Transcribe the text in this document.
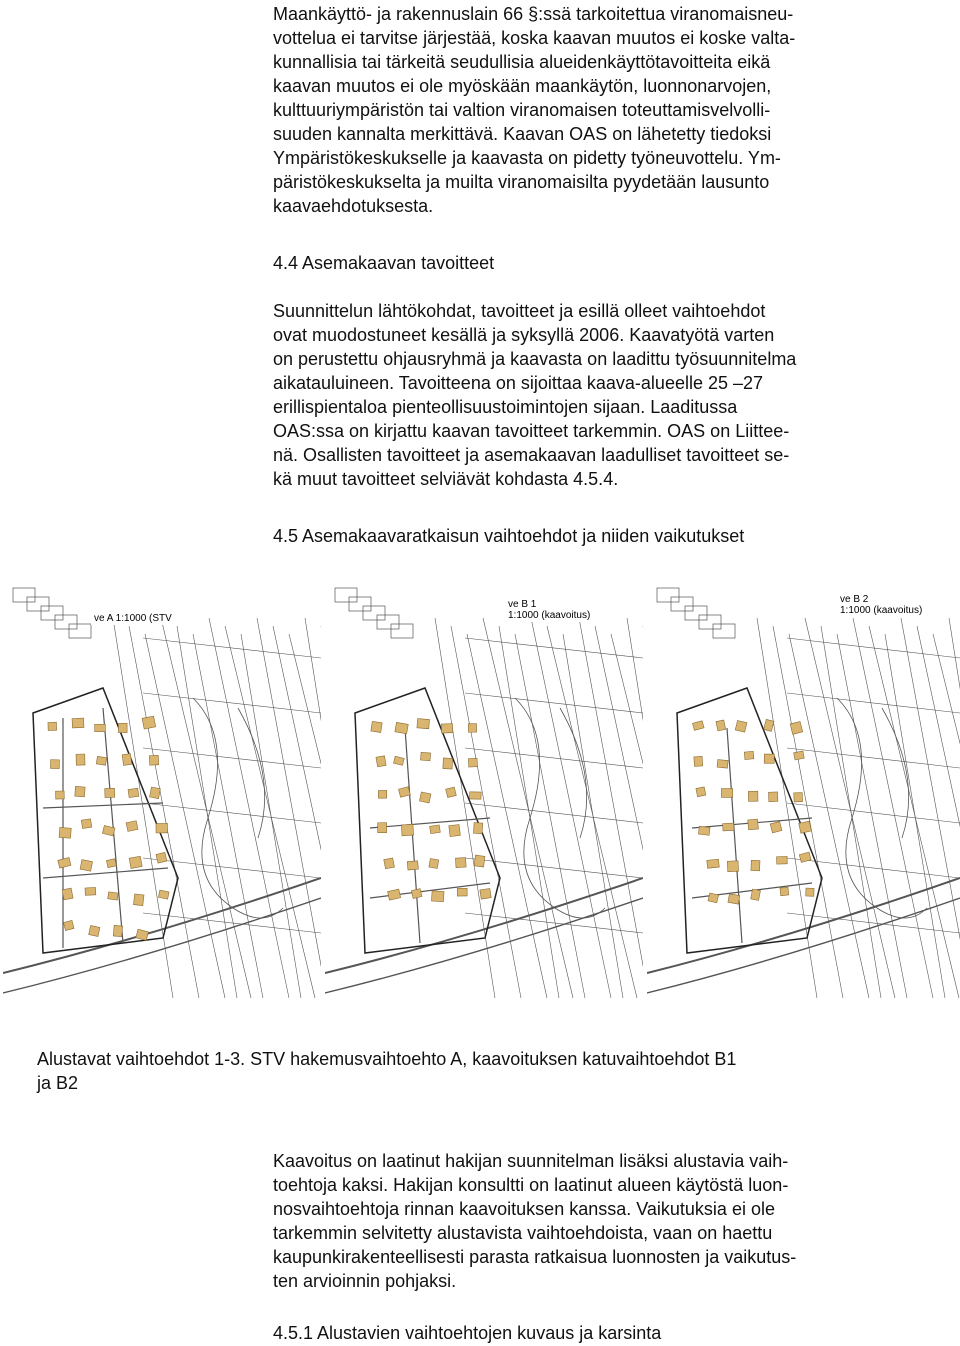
Maankäyttö- ja rakennuslain 66 §:ssä tarkoitettua viranomaisneu-
vottelua ei tarvitse järjestää, koska kaavan muutos ei koske valta-
kunnallisia tai tärkeitä seudullisia alueidenkäyttötavoitteita eikä
kaavan muutos ei ole myöskään maankäytön, luonnonarvojen,
kulttuuriympäristön tai valtion viranomaisen toteuttamisvelvolli-
suuden kannalta merkittävä. Kaavan OAS on lähetetty tiedoksi
Ympäristökeskukselle ja kaavasta on pidetty työneuvottelu. Ym-
päristökeskukselta ja muilta viranomaisilta pyydetään lausunto
kaavaehdotuksesta.
4.4 Asemakaavan tavoitteet
Suunnittelun lähtökohdat, tavoitteet ja esillä olleet vaihtoehdot
ovat muodostuneet kesällä ja syksyllä 2006. Kaavatyötä varten
on perustettu ohjausryhmä ja kaavasta on laadittu työsuunnitelma
aikatauluineen. Tavoitteena on sijoittaa kaava-alueelle 25 –27
erillispientaloa pienteollisuustoimintojen sijaan. Laaditussa
OAS:ssa on kirjattu kaavan tavoitteet tarkemmin. OAS on Liittee-
nä. Osallisten tavoitteet ja asemakaavan laadulliset tavoitteet se-
kä muut tavoitteet selviävät kohdasta 4.5.4.
4.5 Asemakaavaratkaisun vaihtoehdot ja niiden vaikutukset
ve A 1:1000 (STV
ve B 1
1:1000 (kaavoitus)
ve B 2
1:1000 (kaavoitus)
Alustavat vaihtoehdot 1-3. STV hakemusvaihtoehto A, kaavoituksen katuvaihtoehdot B1
ja B2
Kaavoitus on laatinut hakijan suunnitelman lisäksi alustavia vaih-
toehtoja kaksi. Hakijan konsultti on laatinut alueen käytöstä luon-
nosvaihtoehtoja rinnan kaavoituksen kanssa. Vaikutuksia ei ole
tarkemmin selvitetty alustavista vaihtoehdoista, vaan on haettu
kaupunkirakenteellisesti parasta ratkaisua luonnosten ja vaikutus-
ten arvioinnin pohjaksi.
4.5.1 Alustavien vaihtoehtojen kuvaus ja karsinta
